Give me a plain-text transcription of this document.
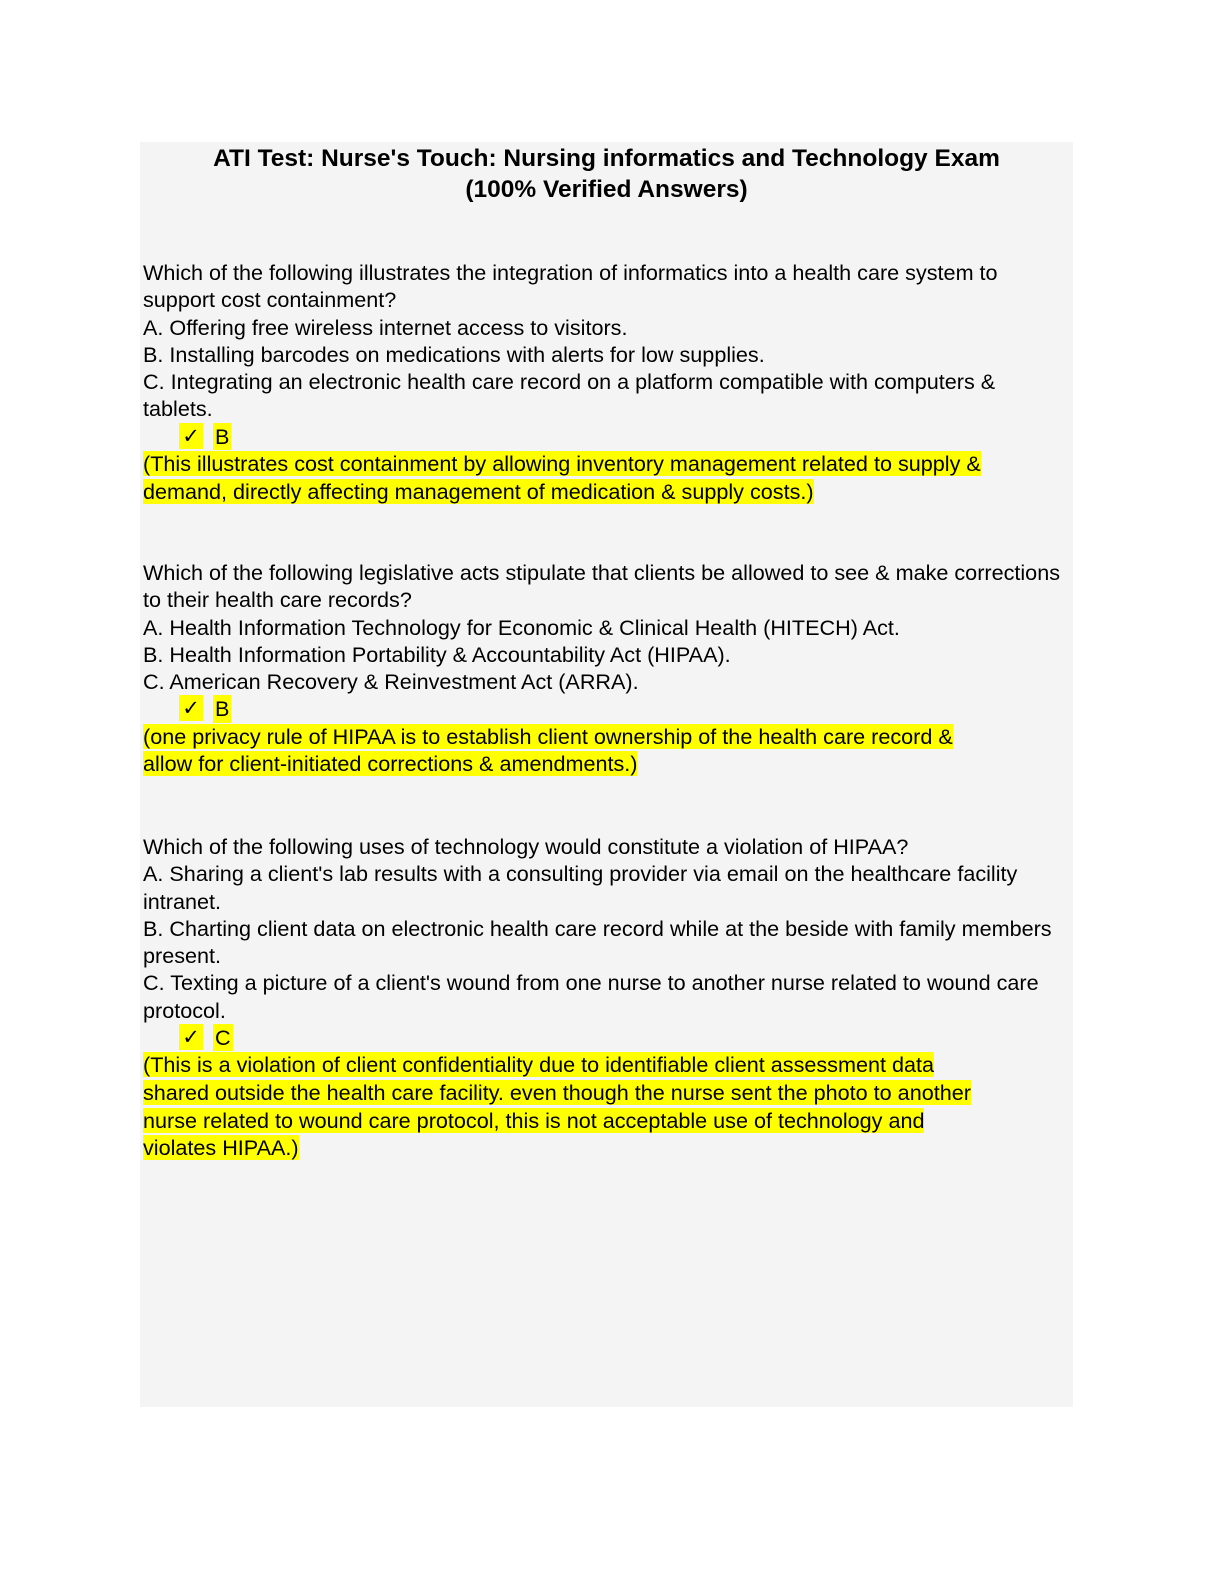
ATI Test: Nurse's Touch: Nursing informatics and Technology Exam
(100% Verified Answers)

Which of the following illustrates the integration of informatics into a health care system to support cost containment?

A. Offering free wireless internet access to visitors.

B. Installing barcodes on medications with alerts for low supplies.

C. Integrating an electronic health care record on a platform compatible with computers & tablets.

✓ B

(This illustrates cost containment by allowing inventory management related to supply & demand, directly affecting management of medication & supply costs.)

Which of the following legislative acts stipulate that clients be allowed to see & make corrections to their health care records?

A. Health Information Technology for Economic & Clinical Health (HITECH) Act.

B. Health Information Portability & Accountability Act (HIPAA).

C. American Recovery & Reinvestment Act (ARRA).

✓ B

(one privacy rule of HIPAA is to establish client ownership of the health care record & allow for client-initiated corrections & amendments.)

Which of the following uses of technology would constitute a violation of HIPAA?

A. Sharing a client's lab results with a consulting provider via email on the healthcare facility intranet.

B. Charting client data on electronic health care record while at the beside with family members present.

C. Texting a picture of a client's wound from one nurse to another nurse related to wound care protocol.

✓ C

(This is a violation of client confidentiality due to identifiable client assessment data shared outside the health care facility. even though the nurse sent the photo to another nurse related to wound care protocol, this is not acceptable use of technology and violates HIPAA.)
